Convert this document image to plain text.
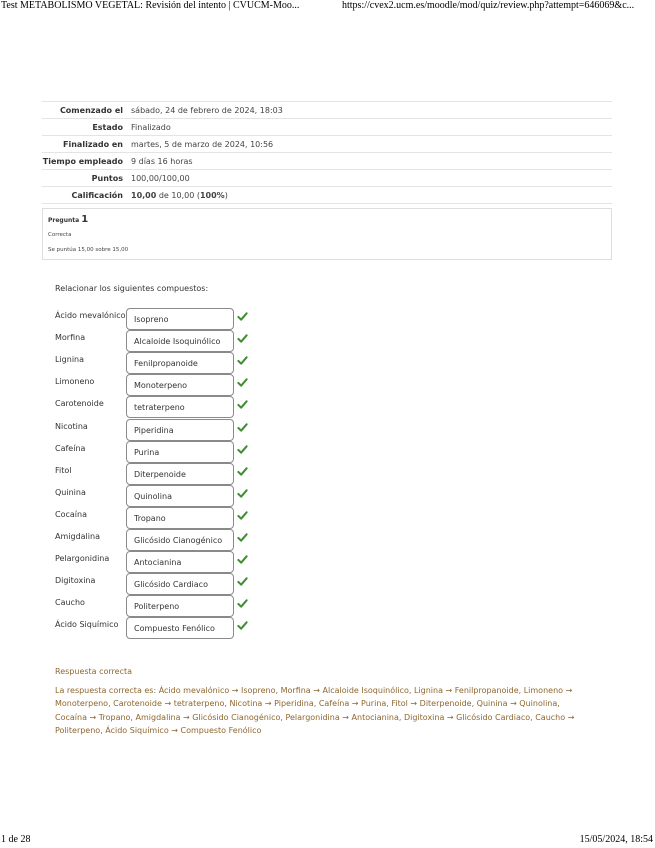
Test METABOLISMO VEGETAL: Revisión del intento | CVUCM-Moo...	https://cvex2.ucm.es/moodle/mod/quiz/review.php?attempt=646069&c...
Comenzado el	sábado, 24 de febrero de 2024, 18:03
Estado	Finalizado
Finalizado en	martes, 5 de marzo de 2024, 10:56
Tiempo empleado	9 días 16 horas
Puntos	100,00/100,00
Calificación	10,00 de 10,00 (100%)
Pregunta 1
Correcta
Se puntúa 15,00 sobre 15,00
Relacionar los siguientes compuestos:
Ácido mevalónico	Isopreno
Morfina	Alcaloide Isoquinólico
Lignina	Fenilpropanoide
Limoneno	Monoterpeno
Carotenoide	tetraterpeno
Nicotina	Piperidina
Cafeína	Purina
Fitol	Diterpenoide
Quinina	Quinolina
Cocaína	Tropano
Amigdalina	Glicósido Cianogénico
Pelargonidina	Antocianina
Digitoxina	Glicósido Cardiaco
Caucho	Politerpeno
Ácido Siquímico	Compuesto Fenólico
Respuesta correcta
La respuesta correcta es: Ácido mevalónico → Isopreno, Morfina → Alcaloide Isoquinólico, Lignina → Fenilpropanoide, Limoneno → Monoterpeno, Carotenoide → tetraterpeno, Nicotina → Piperidina, Cafeína → Purina, Fitol → Diterpenoide, Quinina → Quinolina, Cocaína → Tropano, Amigdalina → Glicósido Cianogénico, Pelargonidina → Antocianina, Digitoxina → Glicósido Cardiaco, Caucho → Politerpeno, Ácido Siquímico → Compuesto Fenólico
1 de 28	15/05/2024, 18:54
